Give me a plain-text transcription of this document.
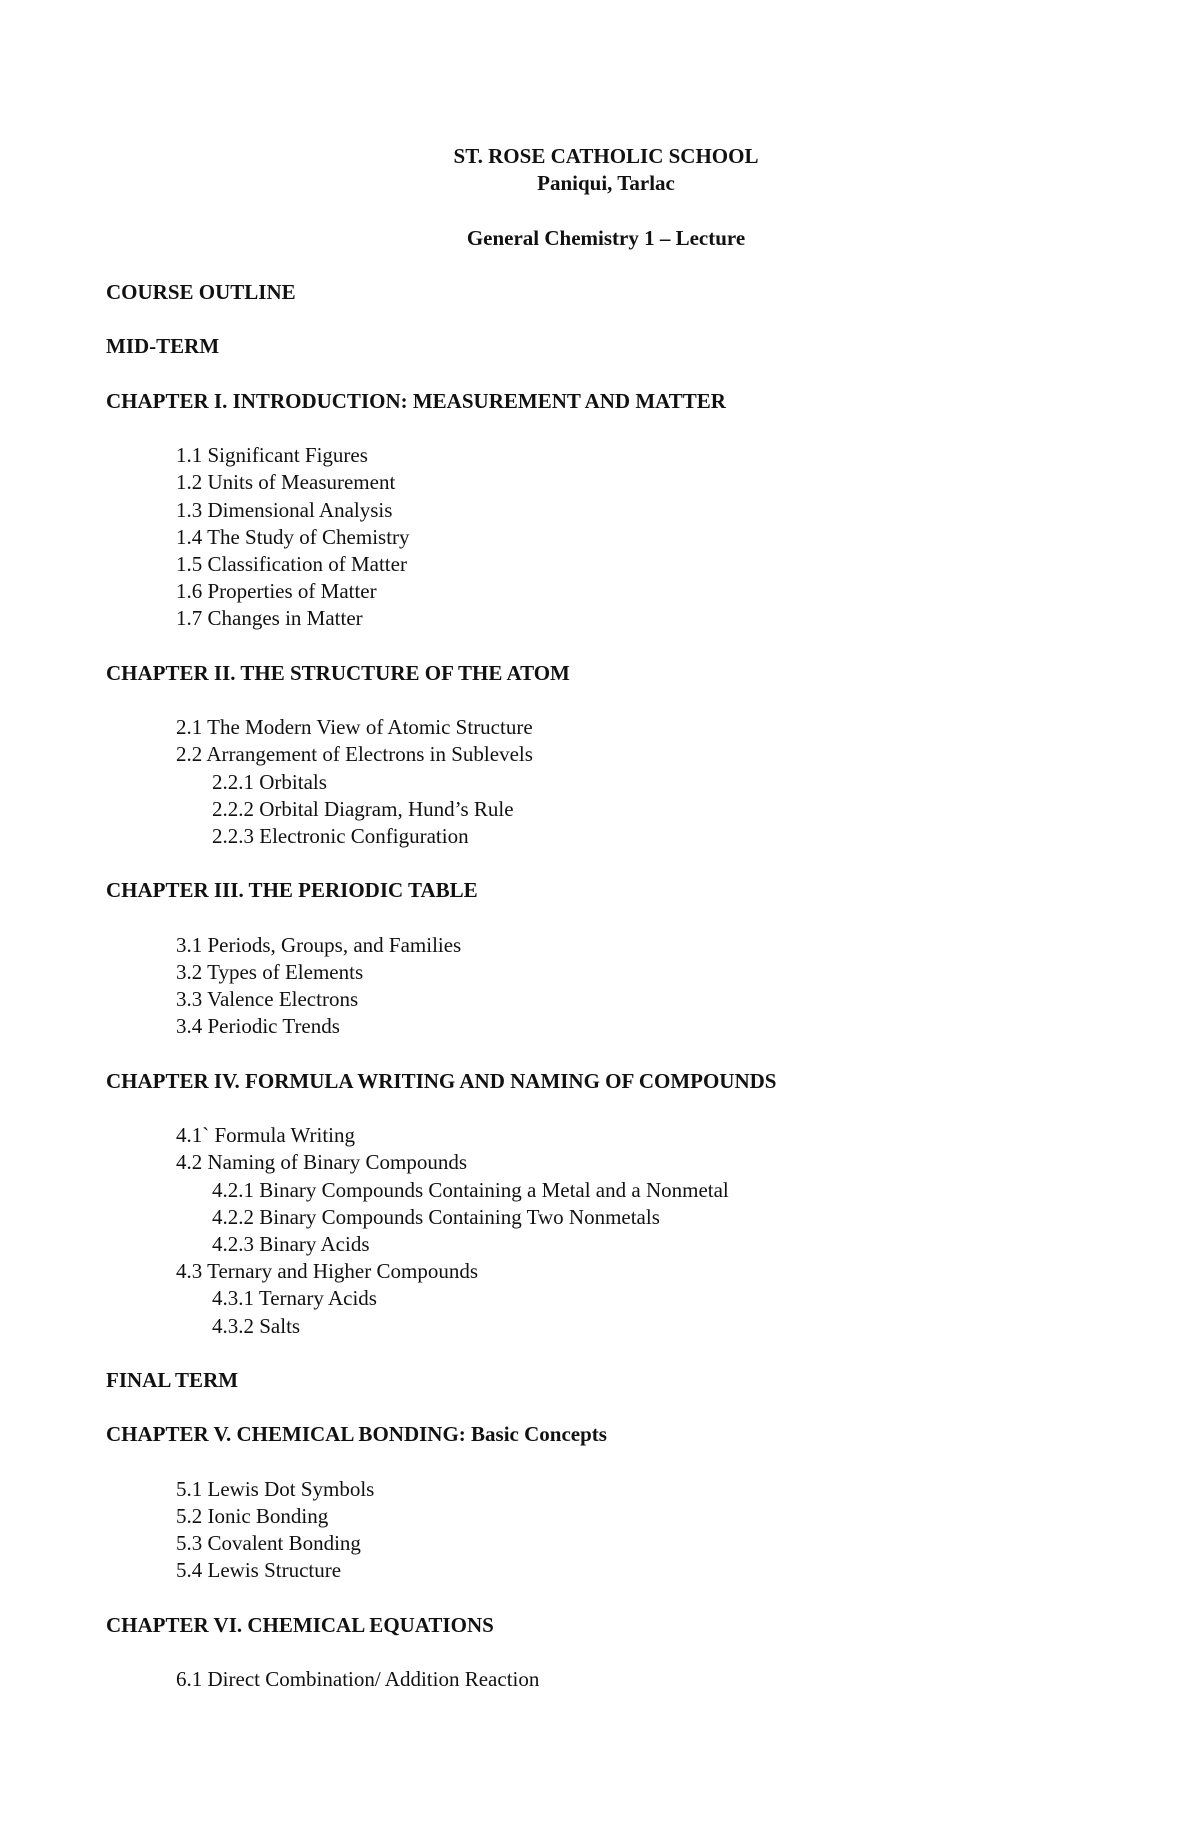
ST. ROSE CATHOLIC SCHOOL
Paniqui, Tarlac
General Chemistry 1 – Lecture
COURSE OUTLINE
MID-TERM
CHAPTER I. INTRODUCTION: MEASUREMENT AND MATTER
1.1 Significant Figures
1.2 Units of Measurement
1.3 Dimensional Analysis
1.4 The Study of Chemistry
1.5 Classification of Matter
1.6 Properties of Matter
1.7 Changes in Matter
CHAPTER II. THE STRUCTURE OF THE ATOM
2.1 The Modern View of Atomic Structure
2.2 Arrangement of Electrons in Sublevels
2.2.1 Orbitals
2.2.2 Orbital Diagram, Hund’s Rule
2.2.3 Electronic Configuration
CHAPTER III. THE PERIODIC TABLE
3.1 Periods, Groups, and Families
3.2 Types of Elements
3.3 Valence Electrons
3.4 Periodic Trends
CHAPTER IV. FORMULA WRITING AND NAMING OF COMPOUNDS
4.1` Formula Writing
4.2 Naming of Binary Compounds
4.2.1 Binary Compounds Containing a Metal and a Nonmetal
4.2.2 Binary Compounds Containing Two Nonmetals
4.2.3 Binary Acids
4.3 Ternary and Higher Compounds
4.3.1 Ternary Acids
4.3.2 Salts
FINAL TERM
CHAPTER V. CHEMICAL BONDING: Basic Concepts
5.1 Lewis Dot Symbols
5.2 Ionic Bonding
5.3 Covalent Bonding
5.4 Lewis Structure
CHAPTER VI. CHEMICAL EQUATIONS
6.1 Direct Combination/ Addition Reaction
